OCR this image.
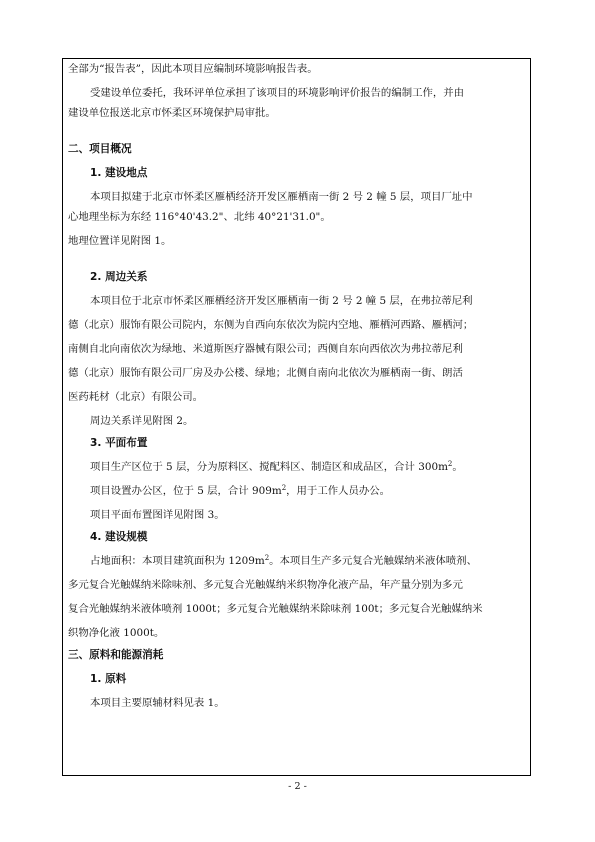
全部为“报告表”，因此本项目应编制环境影响报告表。
受建设单位委托，我环评单位承担了该项目的环境影响评价报告的编制工作，并由
建设单位报送北京市怀柔区环境保护局审批。
二、项目概况
1. 建设地点
本项目拟建于北京市怀柔区雁栖经济开发区雁栖南一街 2 号 2 幢 5 层，项目厂址中
心地理坐标为东经 116°40'43.2"、北纬 40°21'31.0"。
地理位置详见附图 1。
2. 周边关系
本项目位于北京市怀柔区雁栖经济开发区雁栖南一街 2 号 2 幢 5 层，在弗拉蒂尼利
德（北京）服饰有限公司院内，东侧为自西向东依次为院内空地、雁栖河西路、雁栖河；
南侧自北向南依次为绿地、米道斯医疗器械有限公司；西侧自东向西依次为弗拉蒂尼利
德（北京）服饰有限公司厂房及办公楼、绿地；北侧自南向北依次为雁栖南一街、朗活
医药耗材（北京）有限公司。
周边关系详见附图 2。
3. 平面布置
项目生产区位于 5 层，分为原料区、搅配料区、制造区和成品区，合计 $300m^2$。
项目设置办公区，位于 5 层，合计 $909m^2$，用于工作人员办公。
项目平面布置图详见附图 3。
4. 建设规模
占地面积：本项目建筑面积为 $1209m^2$。本项目生产多元复合光触媒纳米液体喷剂、
多元复合光触媒纳米除味剂、多元复合光触媒纳米织物净化液产品，年产量分别为多元
复合光触媒纳米液体喷剂 1000t；多元复合光触媒纳米除味剂 100t；多元复合光触媒纳米
织物净化液 1000t。
三、原料和能源消耗
1. 原料
本项目主要原辅材料见表 1。
- 2 -
